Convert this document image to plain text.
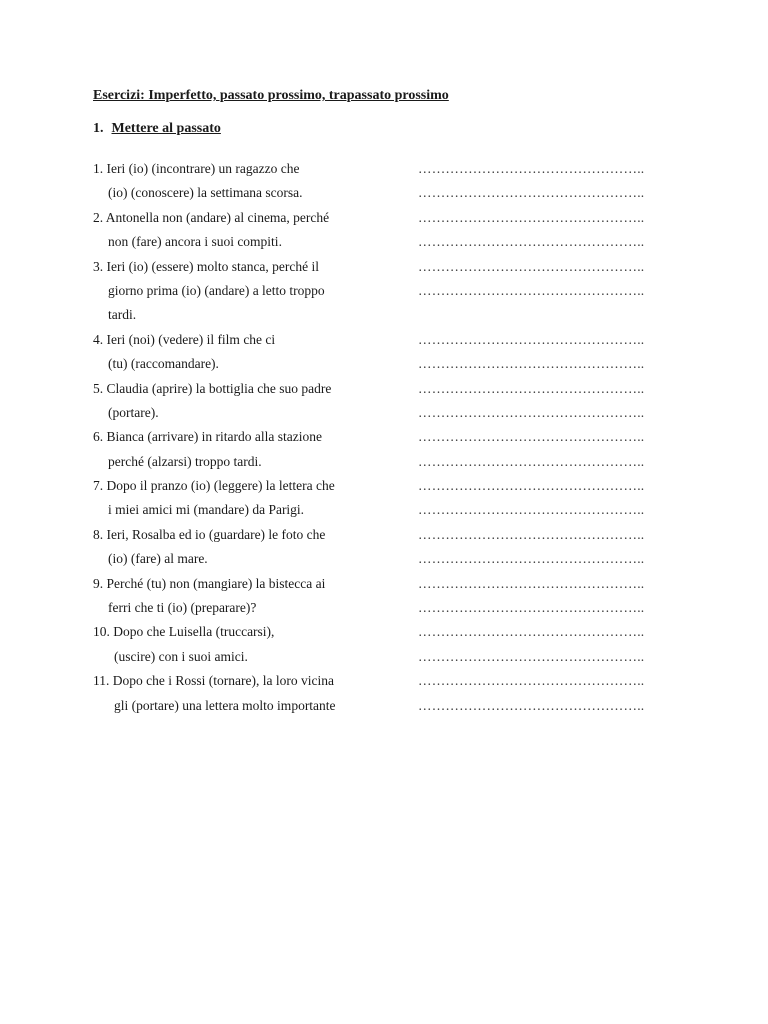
Esercizi: Imperfetto, passato prossimo, trapassato prossimo
1. Mettere al passato
1. Ieri (io) (incontrare) un ragazzo che	…………………………………………..
(io) (conoscere) la settimana scorsa.	…………………………………………..
2. Antonella non (andare) al cinema, perché	…………………………………………..
non (fare) ancora i suoi compiti.	…………………………………………..
3. Ieri (io) (essere) molto stanca, perché il	…………………………………………..
giorno prima (io) (andare) a letto troppo	…………………………………………..
tardi.
4. Ieri (noi) (vedere) il film che ci	…………………………………………..
(tu) (raccomandare).	…………………………………………..
5. Claudia (aprire) la bottiglia che suo padre	…………………………………………..
(portare).	…………………………………………..
6. Bianca (arrivare) in ritardo alla stazione	…………………………………………..
perché (alzarsi) troppo tardi.	…………………………………………..
7. Dopo il pranzo (io) (leggere) la lettera che	…………………………………………..
i miei amici mi (mandare) da Parigi.	…………………………………………..
8. Ieri, Rosalba ed io (guardare) le foto che	…………………………………………..
(io) (fare) al mare.	…………………………………………..
9. Perché (tu) non (mangiare) la bistecca ai	…………………………………………..
ferri che ti (io) (preparare)?	…………………………………………..
10. Dopo che Luisella (truccarsi),	…………………………………………..
(uscire) con i suoi amici.	…………………………………………..
11. Dopo che i Rossi (tornare), la loro vicina	…………………………………………..
gli (portare) una lettera molto importante	…………………………………………..
